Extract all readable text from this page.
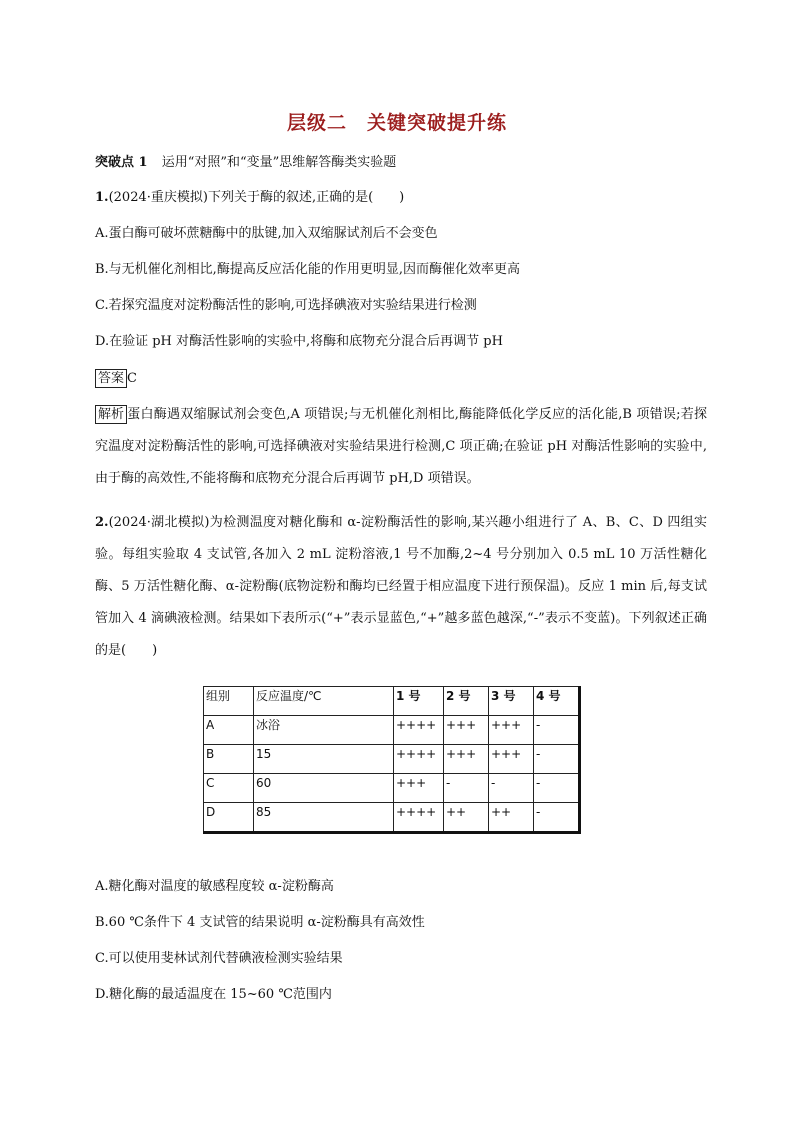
层级二　关键突破提升练
突破点 1 运用“对照”和“变量”思维解答酶类实验题
1.(2024·重庆模拟)下列关于酶的叙述,正确的是(　　)
A.蛋白酶可破坏蔗糖酶中的肽键,加入双缩脲试剂后不会变色
B.与无机催化剂相比,酶提高反应活化能的作用更明显,因而酶催化效率更高
C.若探究温度对淀粉酶活性的影响,可选择碘液对实验结果进行检测
D.在验证 pH 对酶活性影响的实验中,将酶和底物充分混合后再调节 pH
答案 C
解析 蛋白酶遇双缩脲试剂会变色,A 项错误;与无机催化剂相比,酶能降低化学反应的活化能,B 项错误;若探究温度对淀粉酶活性的影响,可选择碘液对实验结果进行检测,C 项正确;在验证 pH 对酶活性影响的实验中,由于酶的高效性,不能将酶和底物充分混合后再调节 pH,D 项错误。
2.(2024·湖北模拟)为检测温度对糖化酶和 α-淀粉酶活性的影响,某兴趣小组进行了 A、B、C、D 四组实验。每组实验取 4 支试管,各加入 2 mL 淀粉溶液,1 号不加酶,2~4 号分别加入 0.5 mL 10 万活性糖化酶、5 万活性糖化酶、α-淀粉酶(底物淀粉和酶均已经置于相应温度下进行预保温)。反应 1 min 后,每支试管加入 4 滴碘液检测。结果如下表所示(“+”表示显蓝色,“+”越多蓝色越深,“-”表示不变蓝)。下列叙述正确的是(　　)
组别	反应温度/℃	1 号	2 号	3 号	4 号
A	冰浴	++++	+++	+++	-
B	15	++++	+++	+++	-
C	60	+++	-	-	-
D	85	++++	++	++	-
A.糖化酶对温度的敏感程度较 α-淀粉酶高
B.60 ℃条件下 4 支试管的结果说明 α-淀粉酶具有高效性
C.可以使用斐林试剂代替碘液检测实验结果
D.糖化酶的最适温度在 15~60 ℃范围内
